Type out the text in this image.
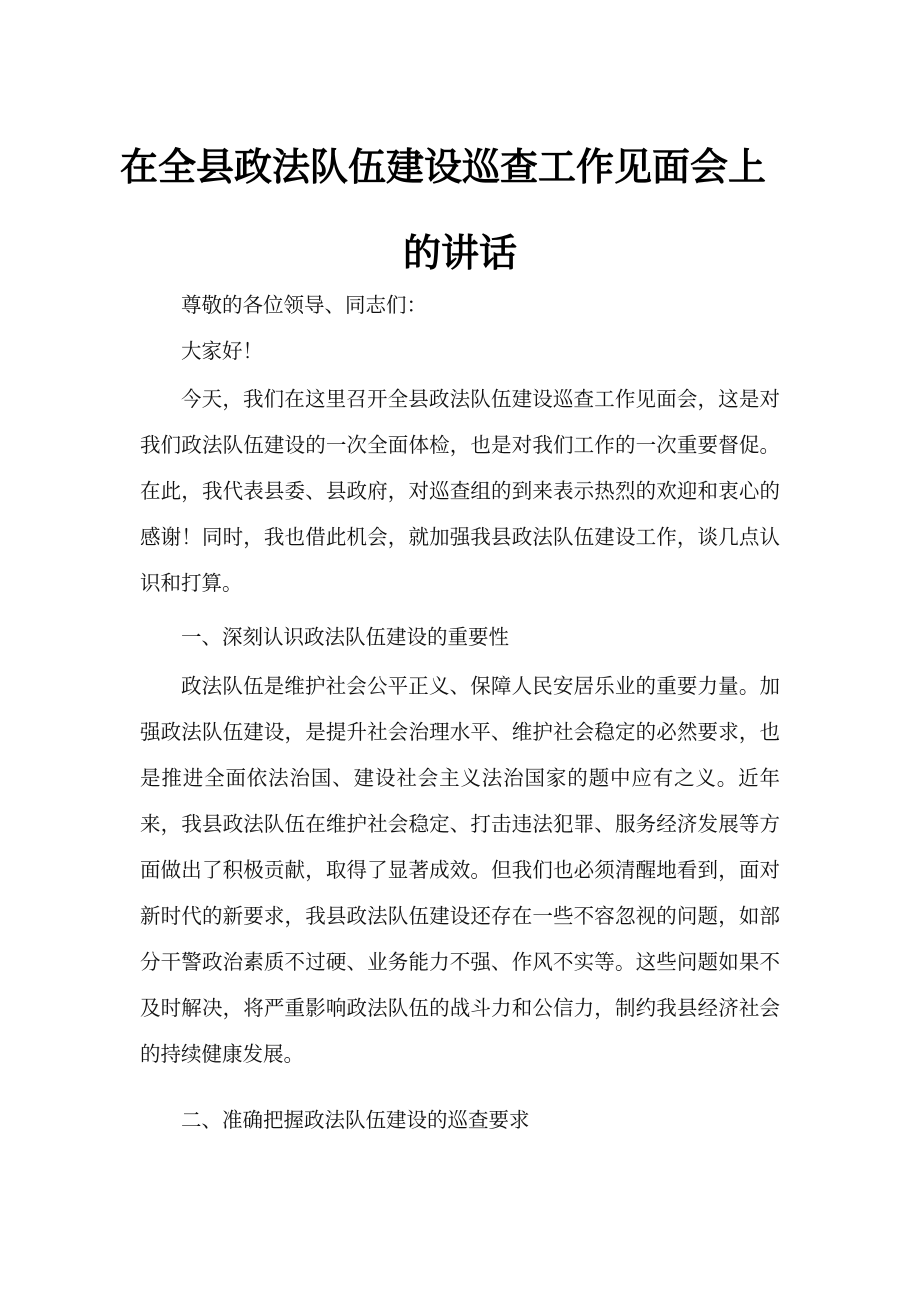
在全县政法队伍建设巡查工作见面会上
的讲话

尊敬的各位领导、同志们：

大家好！

今天，我们在这里召开全县政法队伍建设巡查工作见面会，这是对我们政法队伍建设的一次全面体检，也是对我们工作的一次重要督促。在此，我代表县委、县政府，对巡查组的到来表示热烈的欢迎和衷心的感谢！同时，我也借此机会，就加强我县政法队伍建设工作，谈几点认识和打算。

一、深刻认识政法队伍建设的重要性

政法队伍是维护社会公平正义、保障人民安居乐业的重要力量。加强政法队伍建设，是提升社会治理水平、维护社会稳定的必然要求，也是推进全面依法治国、建设社会主义法治国家的题中应有之义。近年来，我县政法队伍在维护社会稳定、打击违法犯罪、服务经济发展等方面做出了积极贡献，取得了显著成效。但我们也必须清醒地看到，面对新时代的新要求，我县政法队伍建设还存在一些不容忽视的问题，如部分干警政治素质不过硬、业务能力不强、作风不实等。这些问题如果不及时解决，将严重影响政法队伍的战斗力和公信力，制约我县经济社会的持续健康发展。

二、准确把握政法队伍建设的巡查要求
